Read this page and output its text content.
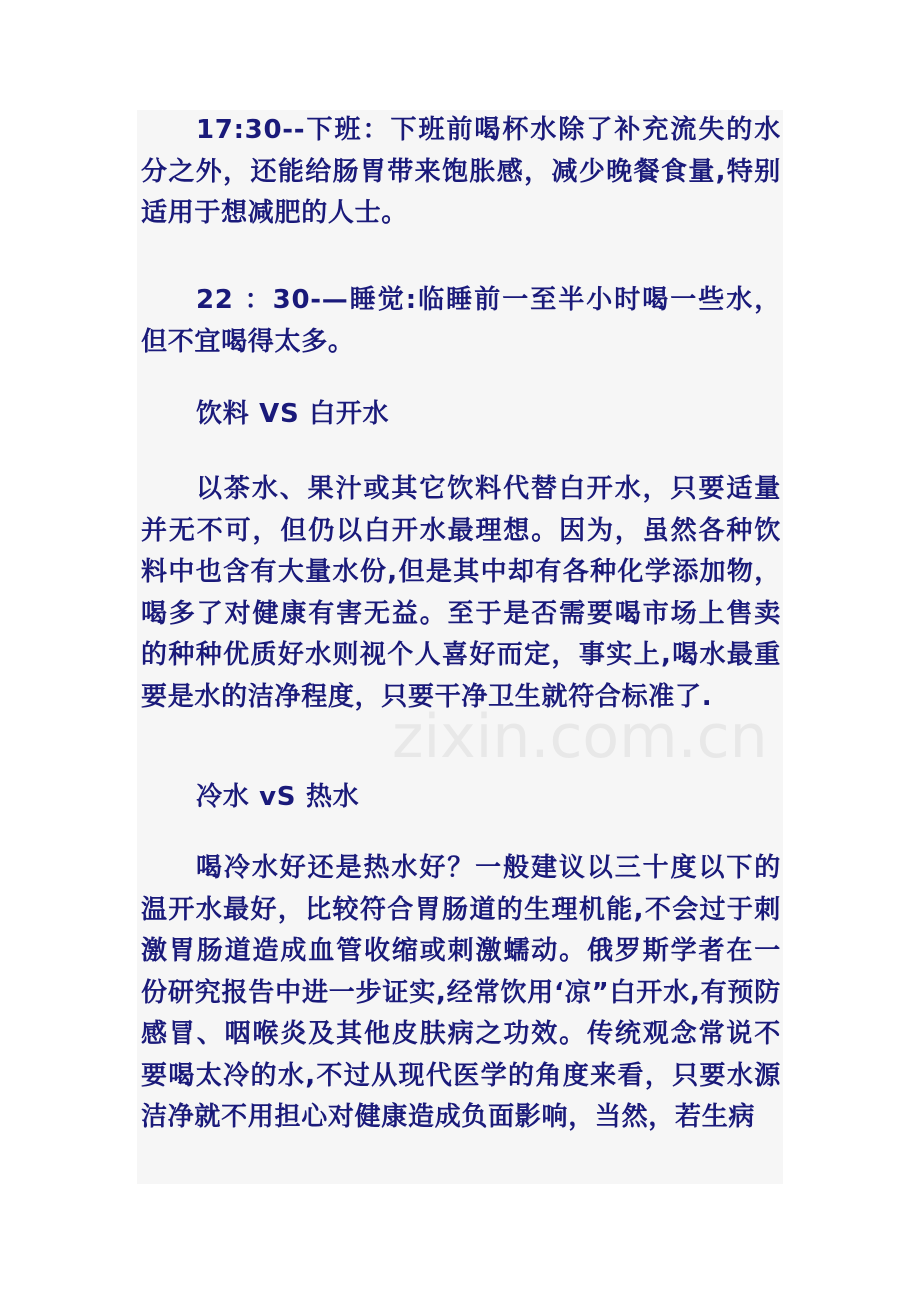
17:30--下班：下班前喝杯水除了补充流失的水分之外，还能给肠胃带来饱胀感，减少晚餐食量,特别适用于想减肥的人士。

22 ：30-—睡觉:临睡前一至半小时喝一些水，但不宜喝得太多。

饮料 VS 白开水

以茶水、果汁或其它饮料代替白开水，只要适量并无不可，但仍以白开水最理想。因为，虽然各种饮料中也含有大量水份,但是其中却有各种化学添加物，喝多了对健康有害无益。至于是否需要喝市场上售卖的种种优质好水则视个人喜好而定，事实上,喝水最重要是水的洁净程度，只要干净卫生就符合标准了.

冷水 vS 热水

喝冷水好还是热水好？一般建议以三十度以下的温开水最好，比较符合胃肠道的生理机能,不会过于刺激胃肠道造成血管收缩或刺激蠕动。俄罗斯学者在一份研究报告中进一步证实,经常饮用‘凉”白开水,有预防感冒、咽喉炎及其他皮肤病之功效。传统观念常说不要喝太冷的水,不过从现代医学的角度来看，只要水源洁净就不用担心对健康造成负面影响，当然，若生病

zixin.com.cn
